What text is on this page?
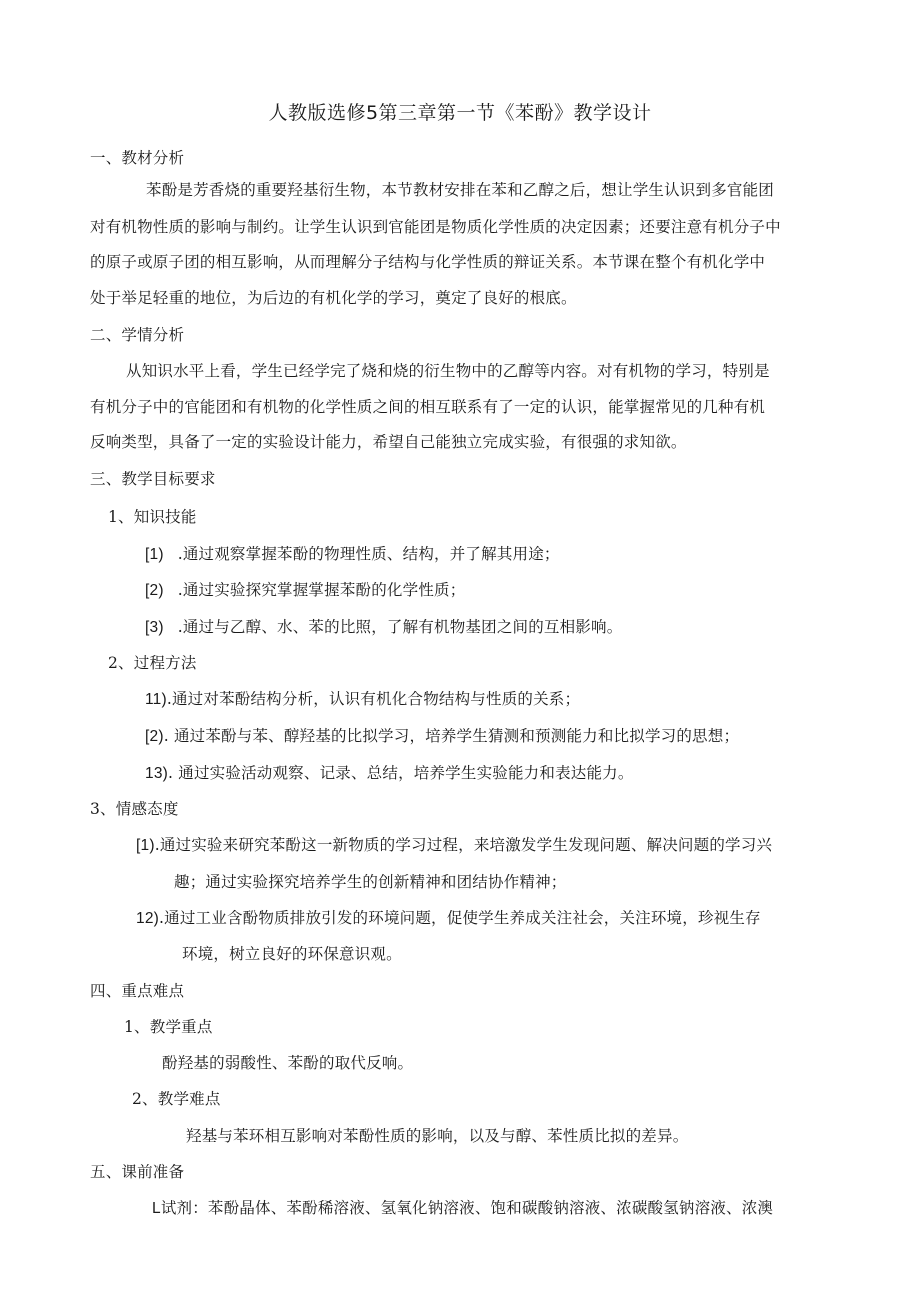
人教版选修5第三章第一节《苯酚》教学设计
一、教材分析
苯酚是芳香烧的重要羟基衍生物，本节教材安排在苯和乙醇之后，想让学生认识到多官能团
对有机物性质的影响与制约。让学生认识到官能团是物质化学性质的决定因素；还要注意有机分子中
的原子或原子团的相互影响，从而理解分子结构与化学性质的辩证关系。本节课在整个有机化学中
处于举足轻重的地位，为后边的有机化学的学习，奠定了良好的根底。
二、学情分析
从知识水平上看，学生已经学完了烧和烧的衍生物中的乙醇等内容。对有机物的学习，特别是
有机分子中的官能团和有机物的化学性质之间的相互联系有了一定的认识，能掌握常见的几种有机
反响类型，具备了一定的实验设计能力，希望自己能独立完成实验，有很强的求知欲。
三、教学目标要求
1、知识技能
[1) .通过观察掌握苯酚的物理性质、结构，并了解其用途；
[2) .通过实验探究掌握掌握苯酚的化学性质；
[3) .通过与乙醇、水、苯的比照，了解有机物基团之间的互相影响。
2、过程方法
11).通过对苯酚结构分析，认识有机化合物结构与性质的关系；
[2). 通过苯酚与苯、醇羟基的比拟学习，培养学生猜测和预测能力和比拟学习的思想；
13). 通过实验活动观察、记录、总结，培养学生实验能力和表达能力。
3、情感态度
[1).通过实验来研究苯酚这一新物质的学习过程，来培激发学生发现问题、解决问题的学习兴
趣；通过实验探究培养学生的创新精神和团结协作精神；
12).通过工业含酚物质排放引发的环境问题，促使学生养成关注社会，关注环境，珍视生存
环境，树立良好的环保意识观。
四、重点难点
1、教学重点
酚羟基的弱酸性、苯酚的取代反响。
2、教学难点
羟基与苯环相互影响对苯酚性质的影响，以及与醇、苯性质比拟的差异。
五、课前准备
L试剂：苯酚晶体、苯酚稀溶液、氢氧化钠溶液、饱和碳酸钠溶液、浓碳酸氢钠溶液、浓澳
